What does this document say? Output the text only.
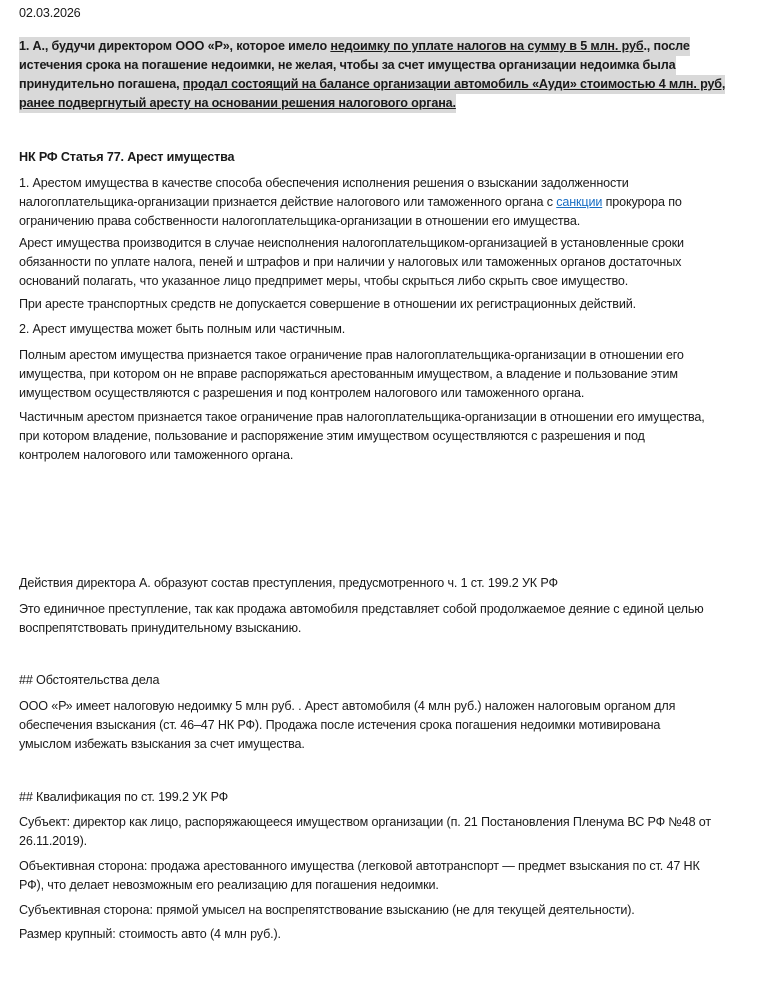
02.03.2026
1. А., будучи директором ООО «Р», которое имело недоимку по уплате налогов на сумму в 5 млн. руб., после
истечения срока на погашение недоимки, не желая, чтобы за счет имущества организации недоимка была
принудительно погашена, продал состоящий на балансе организации автомобиль «Ауди» стоимостью 4 млн. руб,
ранее подвергнутый аресту на основании решения налогового органа.
НК РФ Статья 77. Арест имущества
1. Арестом имущества в качестве способа обеспечения исполнения решения о взыскании задолженности
налогоплательщика-организации признается действие налогового или таможенного органа с санкции прокурора по
ограничению права собственности налогоплательщика-организации в отношении его имущества.
Арест имущества производится в случае неисполнения налогоплательщиком-организацией в установленные сроки
обязанности по уплате налога, пеней и штрафов и при наличии у налоговых или таможенных органов достаточных
оснований полагать, что указанное лицо предпримет меры, чтобы скрыться либо скрыть свое имущество.
При аресте транспортных средств не допускается совершение в отношении их регистрационных действий.
2. Арест имущества может быть полным или частичным.
Полным арестом имущества признается такое ограничение прав налогоплательщика-организации в отношении его
имущества, при котором он не вправе распоряжаться арестованным имуществом, а владение и пользование этим
имуществом осуществляются с разрешения и под контролем налогового или таможенного органа.
Частичным арестом признается такое ограничение прав налогоплательщика-организации в отношении его имущества,
при котором владение, пользование и распоряжение этим имуществом осуществляются с разрешения и под
контролем налогового или таможенного органа.
Действия директора А. образуют состав преступления, предусмотренного ч. 1 ст. 199.2 УК РФ
Это единичное преступление, так как продажа автомобиля представляет собой продолжаемое деяние с единой целью
воспрепятствовать принудительному взысканию.
## Обстоятельства дела
ООО «Р» имеет налоговую недоимку 5 млн руб. . Арест автомобиля (4 млн руб.) наложен налоговым органом для
обеспечения взыскания (ст. 46–47 НК РФ). Продажа после истечения срока погашения недоимки мотивирована
умыслом избежать взыскания за счет имущества.
## Квалификация по ст. 199.2 УК РФ
Субъект: директор как лицо, распоряжающееся имуществом организации (п. 21 Постановления Пленума ВС РФ №48 от
26.11.2019).
Объективная сторона: продажа арестованного имущества (легковой автотранспорт — предмет взыскания по ст. 47 НК
РФ), что делает невозможным его реализацию для погашения недоимки.
Субъективная сторона: прямой умысел на воспрепятствование взысканию (не для текущей деятельности).
Размер крупный: стоимость авто (4 млн руб.).
